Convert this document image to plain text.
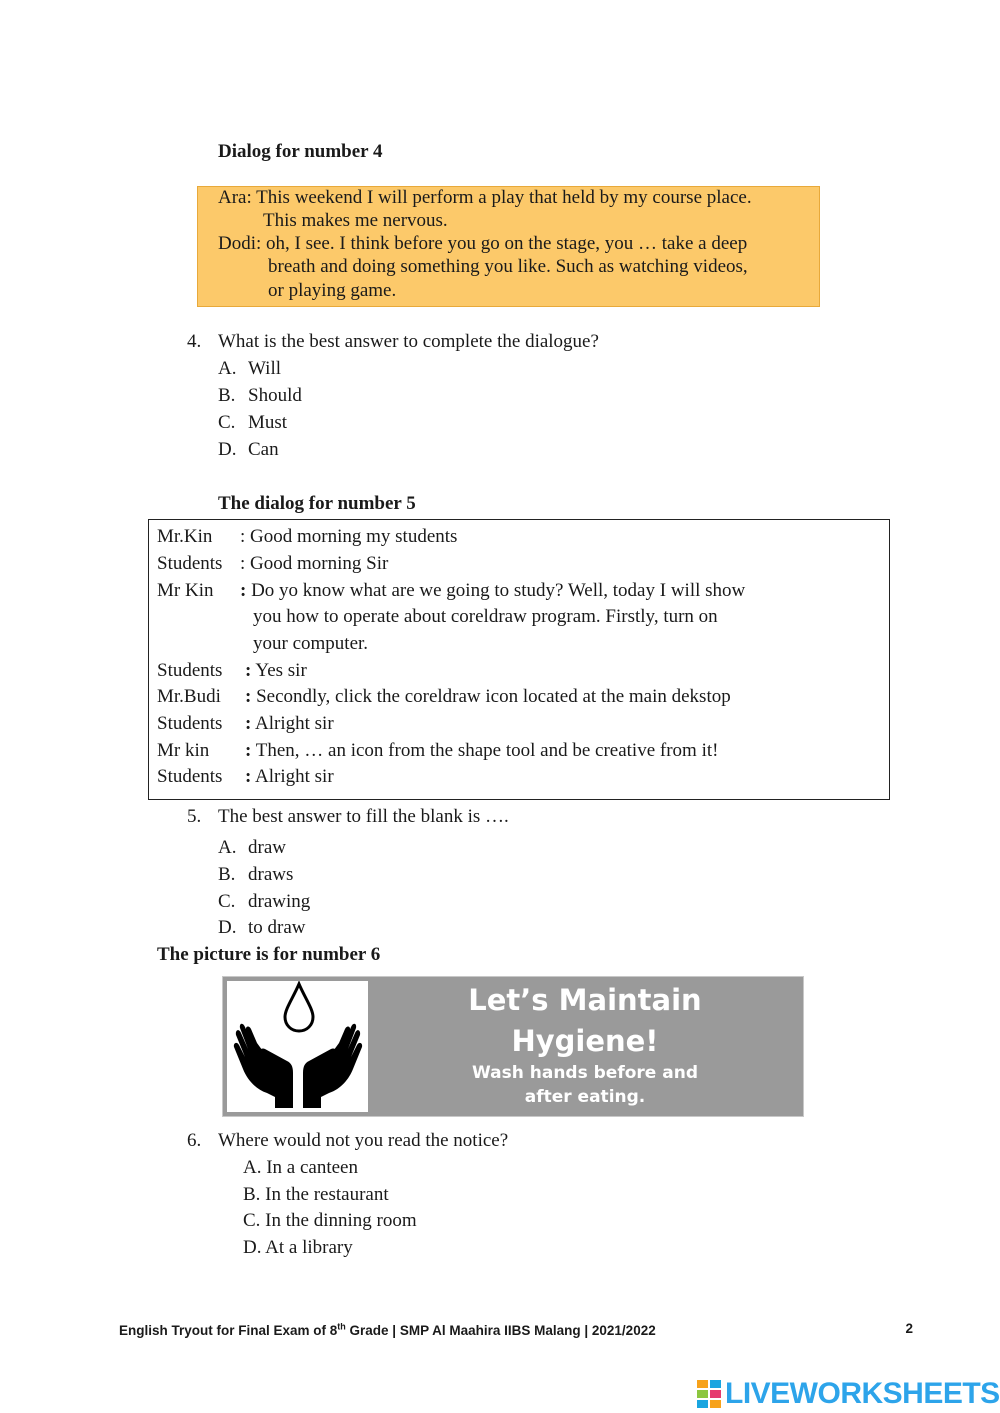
Dialog for number 4
Ara: This weekend I will perform a play that held by my course place.
This makes me nervous.
Dodi: oh, I see. I think before you go on the stage, you … take a deep
breath and doing something you like. Such as watching videos,
or playing game.
4. What is the best answer to complete the dialogue?
A. Will
B. Should
C. Must
D. Can
The dialog for number 5
Mr.Kin : Good morning my students
Students : Good morning Sir
Mr Kin : Do yo know what are we going to study? Well, today I will show
you how to operate about coreldraw program. Firstly, turn on
your computer.
Students : Yes sir
Mr.Budi : Secondly, click the coreldraw icon located at the main dekstop
Students : Alright sir
Mr kin : Then, … an icon from the shape tool and be creative from it!
Students : Alright sir
5. The best answer to fill the blank is ….
A. draw
B. draws
C. drawing
D. to draw
The picture is for number 6
Let’s Maintain
Hygiene!
Wash hands before and
after eating.
6. Where would not you read the notice?
A. In a canteen
B. In the restaurant
C. In the dinning room
D. At a library
English Tryout for Final Exam of 8th Grade | SMP Al Maahira IIBS Malang | 2021/2022	2
LIVEWORKSHEETS
